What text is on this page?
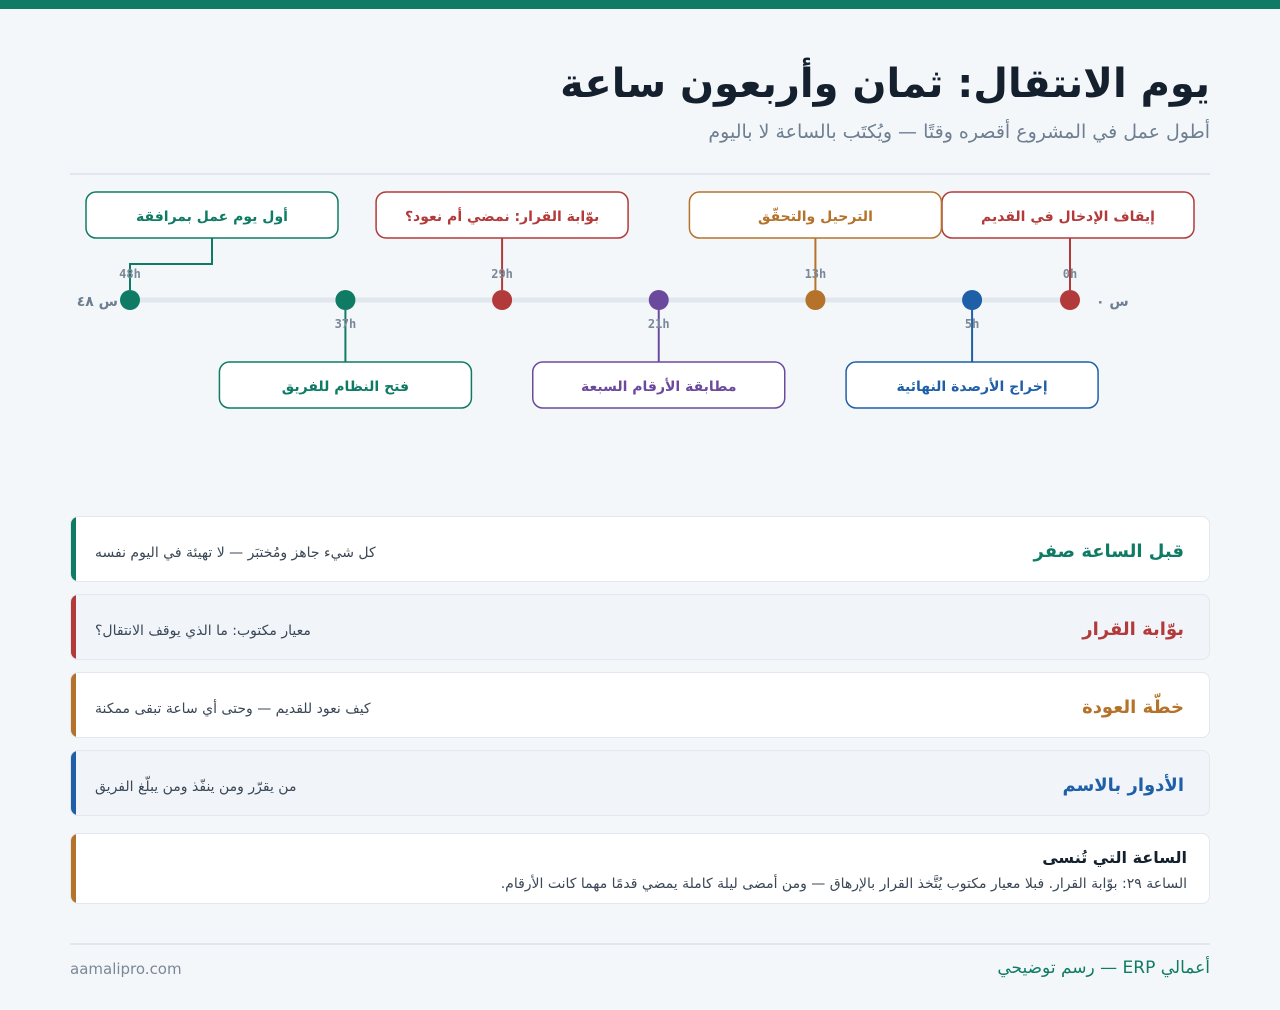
يوم الانتقال: ثمان وأربعون ساعة
أطول عمل في المشروع أقصره وقتًا — ويُكتَب بالساعة لا باليوم
س ٠
س ٤٨
إيقاف الإدخال في القديم
0h
إخراج الأرصدة النهائية
5h
الترحيل والتحقّق
13h
مطابقة الأرقام السبعة
21h
بوّابة القرار: نمضي أم نعود؟
29h
فتح النظام للفريق
37h
أول يوم عمل بمرافقة
48h
قبل الساعة صفر
كل شيء جاهز ومُختبَر — لا تهيئة في اليوم نفسه
بوّابة القرار
معيار مكتوب: ما الذي يوقف الانتقال؟
خطّة العودة
كيف نعود للقديم — وحتى أي ساعة تبقى ممكنة
الأدوار بالاسم
من يقرّر ومن ينفّذ ومن يبلّغ الفريق
الساعة التي تُنسى
الساعة ٢٩: بوّابة القرار. فبلا معيار مكتوب يُتَّخذ القرار بالإرهاق — ومن أمضى ليلة كاملة يمضي قدمًا مهما كانت الأرقام.
aamalipro.com	أعمالي ERP — رسم توضيحي
